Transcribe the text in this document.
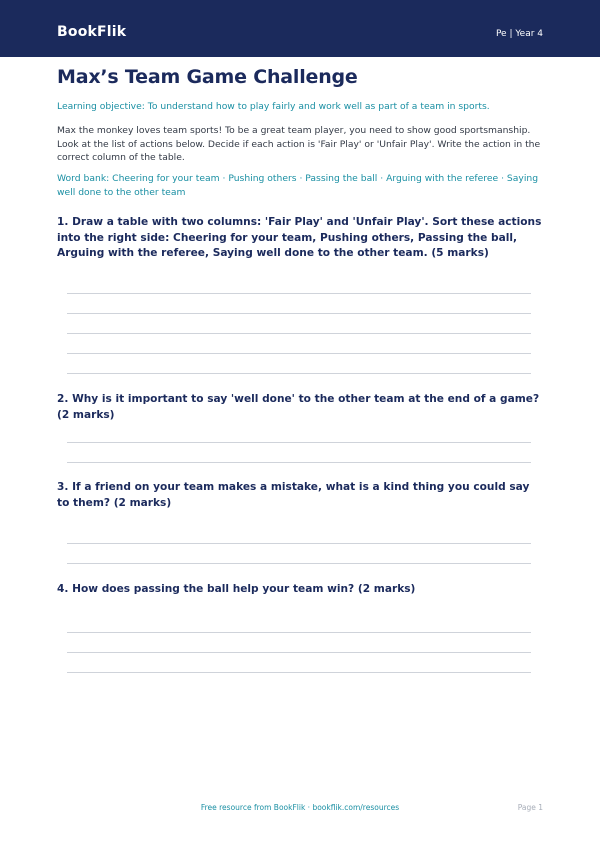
BookFlik	Pe | Year 4
Max’s Team Game Challenge
Learning objective: To understand how to play fairly and work well as part of a team in sports.
Max the monkey loves team sports! To be a great team player, you need to show good sportsmanship. Look at the list of actions below. Decide if each action is 'Fair Play' or 'Unfair Play'. Write the action in the correct column of the table.
Word bank: Cheering for your team · Pushing others · Passing the ball · Arguing with the referee · Saying well done to the other team
1. Draw a table with two columns: 'Fair Play' and 'Unfair Play'. Sort these actions into the right side: Cheering for your team, Pushing others, Passing the ball, Arguing with the referee, Saying well done to the other team. (5 marks)
2. Why is it important to say 'well done' to the other team at the end of a game? (2 marks)
3. If a friend on your team makes a mistake, what is a kind thing you could say to them? (2 marks)
4. How does passing the ball help your team win? (2 marks)
Free resource from BookFlik · bookflik.com/resources	Page 1
